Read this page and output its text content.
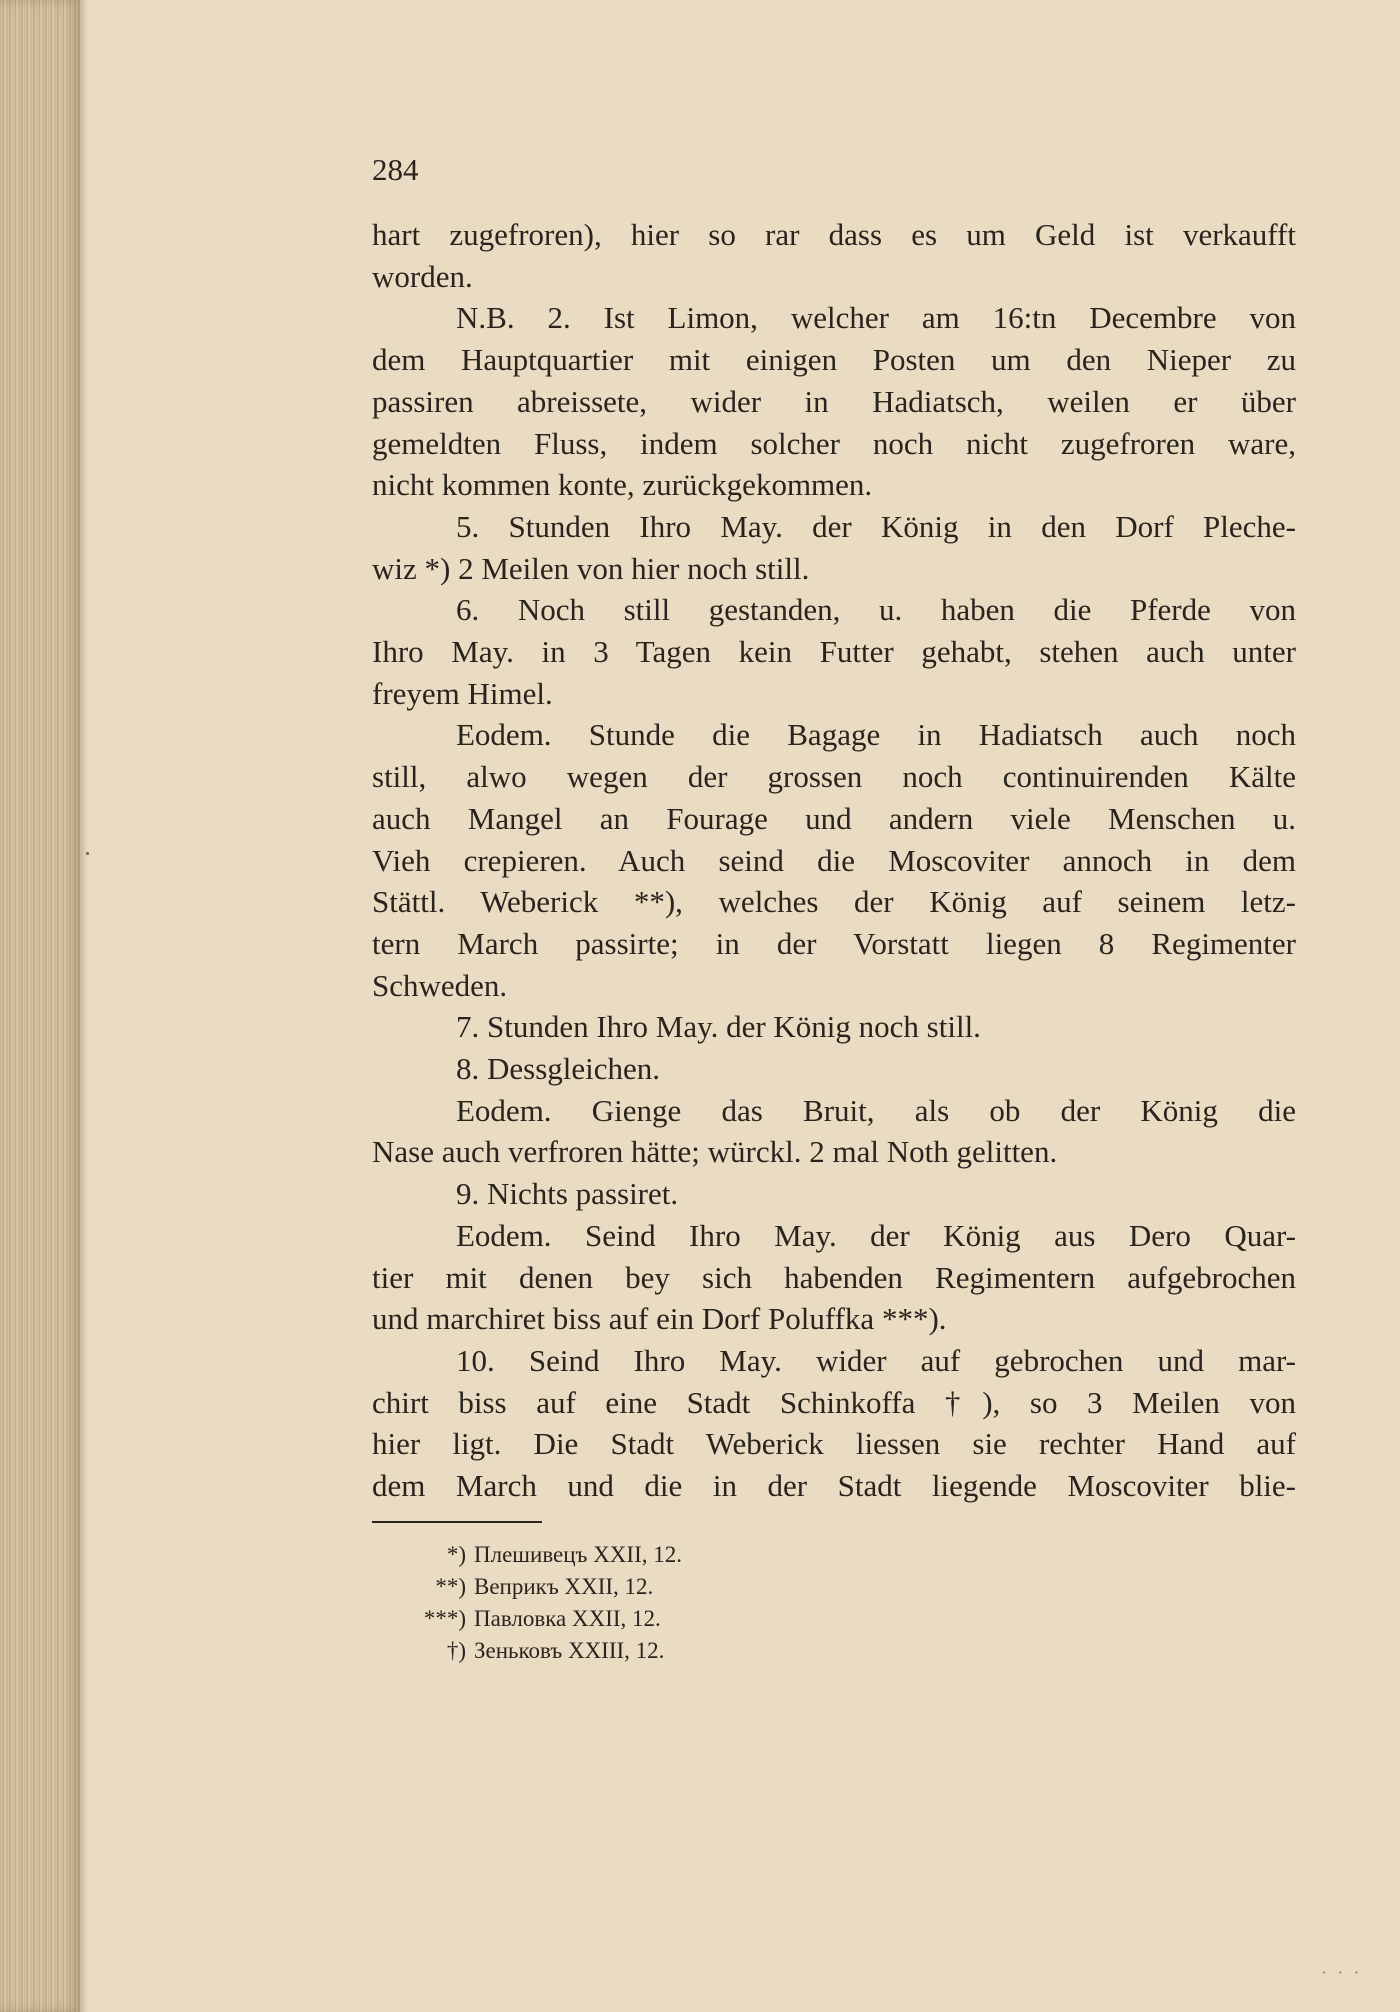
284
hart zugefroren), hier so rar dass es um Geld ist verkaufft
worden.
N.B. 2. Ist Limon, welcher am 16:tn Decembre von
dem Hauptquartier mit einigen Posten um den Nieper zu
passiren abreissete, wider in Hadiatsch, weilen er über
gemeldten Fluss, indem solcher noch nicht zugefroren ware,
nicht kommen konte, zurückgekommen.
5. Stunden Ihro May. der König in den Dorf Pleche-
wiz *) 2 Meilen von hier noch still.
6. Noch still gestanden, u. haben die Pferde von
Ihro May. in 3 Tagen kein Futter gehabt, stehen auch unter
freyem Himel.
Eodem. Stunde die Bagage in Hadiatsch auch noch
still, alwo wegen der grossen noch continuirenden Kälte
auch Mangel an Fourage und andern viele Menschen u.
Vieh crepieren. Auch seind die Moscoviter annoch in dem
Stättl. Weberick **), welches der König auf seinem letz-
tern March passirte; in der Vorstatt liegen 8 Regimenter
Schweden.
7. Stunden Ihro May. der König noch still.
8. Dessgleichen.
Eodem. Gienge das Bruit, als ob der König die
Nase auch verfroren hätte; würckl. 2 mal Noth gelitten.
9. Nichts passiret.
Eodem. Seind Ihro May. der König aus Dero Quar-
tier mit denen bey sich habenden Regimentern aufgebrochen
und marchiret biss auf ein Dorf Poluffka ***).
10. Seind Ihro May. wider auf gebrochen und mar-
chirt biss auf eine Stadt Schinkoffa †), so 3 Meilen von
hier ligt. Die Stadt Weberick liessen sie rechter Hand auf
dem March und die in der Stadt liegende Moscoviter blie-
*) Плешивецъ XXII, 12.
**) Веприкъ XXII, 12.
***) Павловка XXII, 12.
†) Зеньковъ XXIII, 12.
· · ·
